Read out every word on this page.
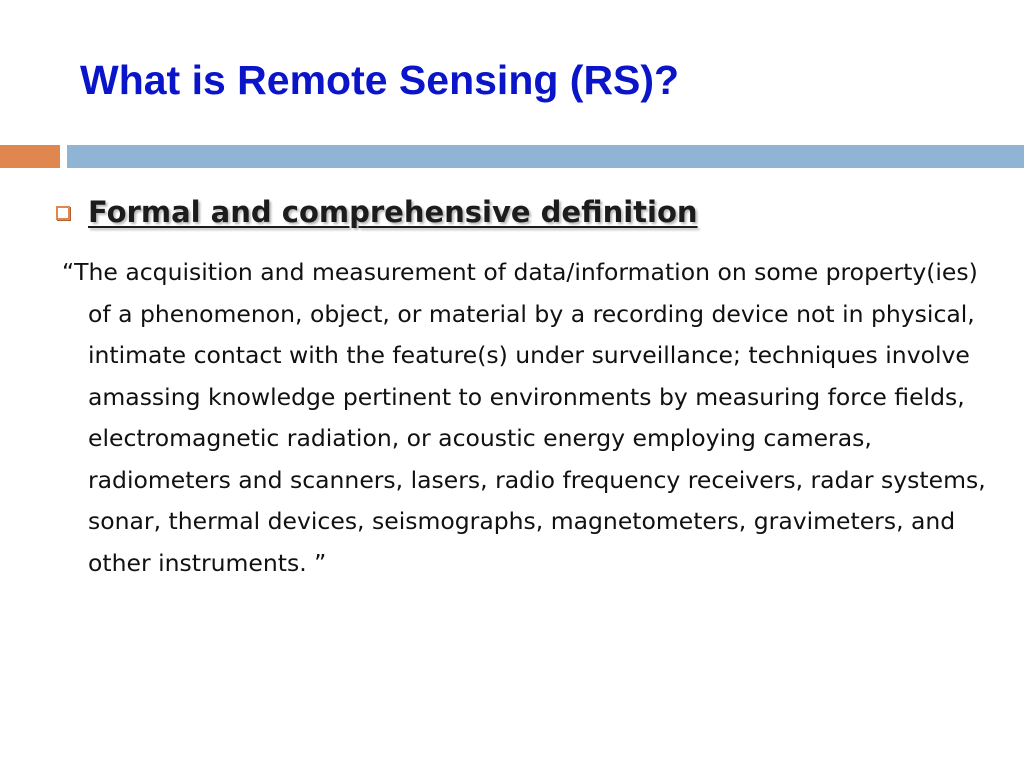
What is Remote Sensing (RS)?
Formal and comprehensive definition

“The acquisition and measurement of data/information on some property(ies) of a phenomenon, object, or material by a recording device not in physical, intimate contact with the feature(s) under surveillance; techniques involve amassing knowledge pertinent to environments by measuring force fields, electromagnetic radiation, or acoustic energy employing cameras, radiometers and scanners, lasers, radio frequency receivers, radar systems, sonar, thermal devices, seismographs, magnetometers, gravimeters, and other instruments. ”
